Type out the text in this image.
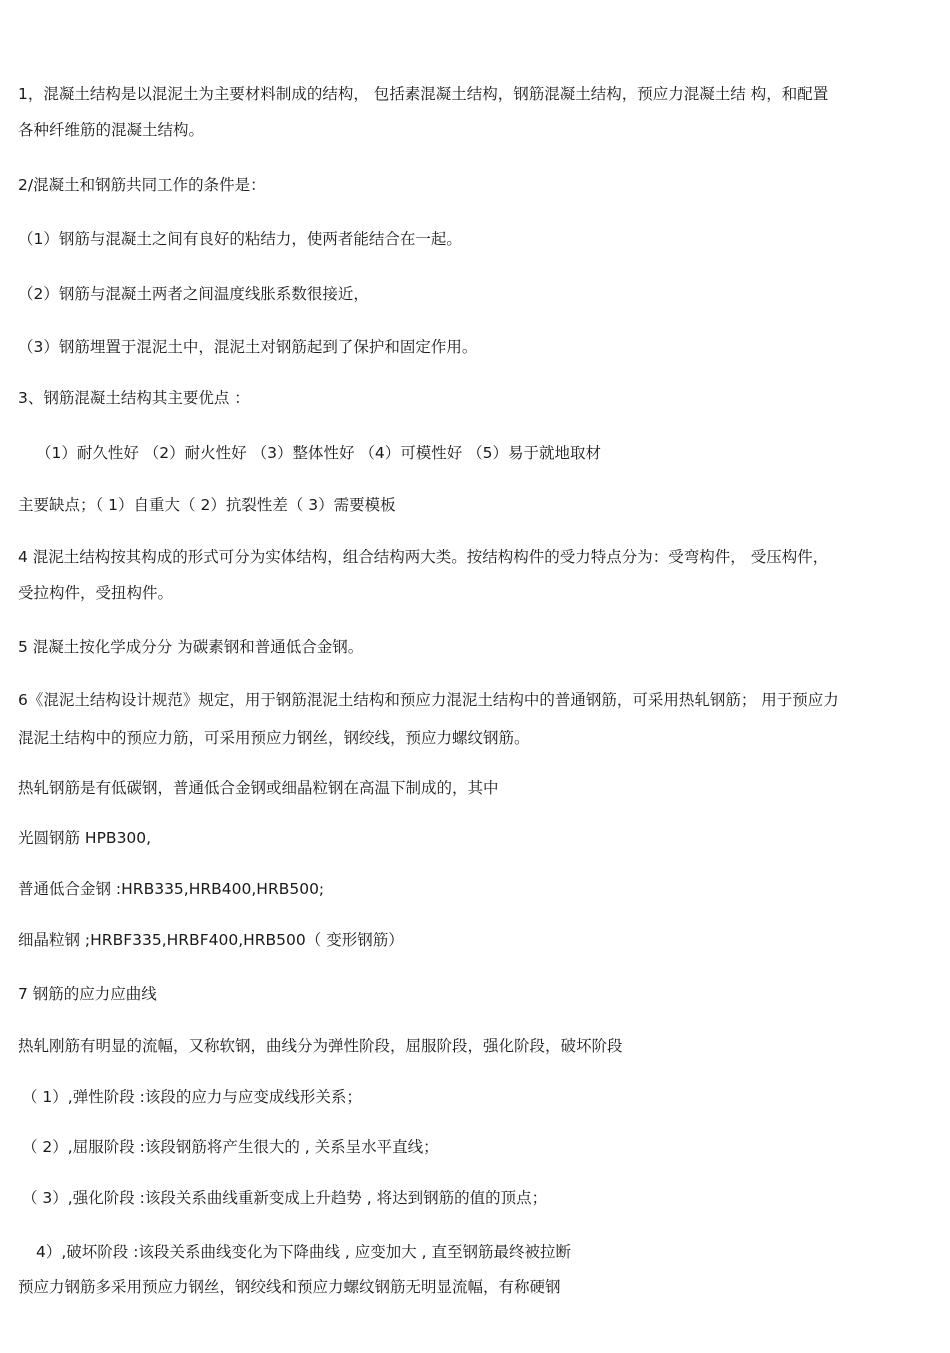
1，混凝土结构是以混泥土为主要材料制成的结构， 包括素混凝土结构，钢筋混凝土结构，预应力混凝土结 构，和配置
各种纤维筋的混凝土结构。
2/混凝土和钢筋共同工作的条件是：
（1）钢筋与混凝土之间有良好的粘结力，使两者能结合在一起。
（2）钢筋与混凝土两者之间温度线胀系数很接近，
（3）钢筋埋置于混泥土中，混泥土对钢筋起到了保护和固定作用。
3、钢筋混凝土结构其主要优点 ：
（1）耐久性好 （2）耐火性好 （3）整体性好 （4）可模性好 （5）易于就地取材
主要缺点；（ 1）自重大（ 2）抗裂性差（ 3）需要模板
4 混泥土结构按其构成的形式可分为实体结构，组合结构两大类。按结构构件的受力特点分为：受弯构件， 受压构件，
受拉构件，受扭构件。
5 混凝土按化学成分分 为碳素钢和普通低合金钢。
6《混泥土结构设计规范》规定，用于钢筋混泥土结构和预应力混泥土结构中的普通钢筋，可采用热轧钢筋； 用于预应力
混泥土结构中的预应力筋，可采用预应力钢丝，钢绞线，预应力螺纹钢筋。
热轧钢筋是有低碳钢，普通低合金钢或细晶粒钢在高温下制成的，其中
光圆钢筋 HPB300,
普通低合金钢 :HRB335,HRB400,HRB500;
细晶粒钢 ;HRBF335,HRBF400,HRB500（ 变形钢筋）
7 钢筋的应力应曲线
热轧刚筋有明显的流幅，又称软钢，曲线分为弹性阶段，屈服阶段，强化阶段，破坏阶段
（ 1）,弹性阶段 :该段的应力与应变成线形关系；
（ 2）,屈服阶段 :该段钢筋将产生很大的 , 关系呈水平直线；
（ 3）,强化阶段 :该段关系曲线重新变成上升趋势 , 将达到钢筋的值的顶点；
4）,破坏阶段 :该段关系曲线变化为下降曲线 , 应变加大 , 直至钢筋最终被拉断
预应力钢筋多采用预应力钢丝，钢绞线和预应力螺纹钢筋无明显流幅，有称硬钢
